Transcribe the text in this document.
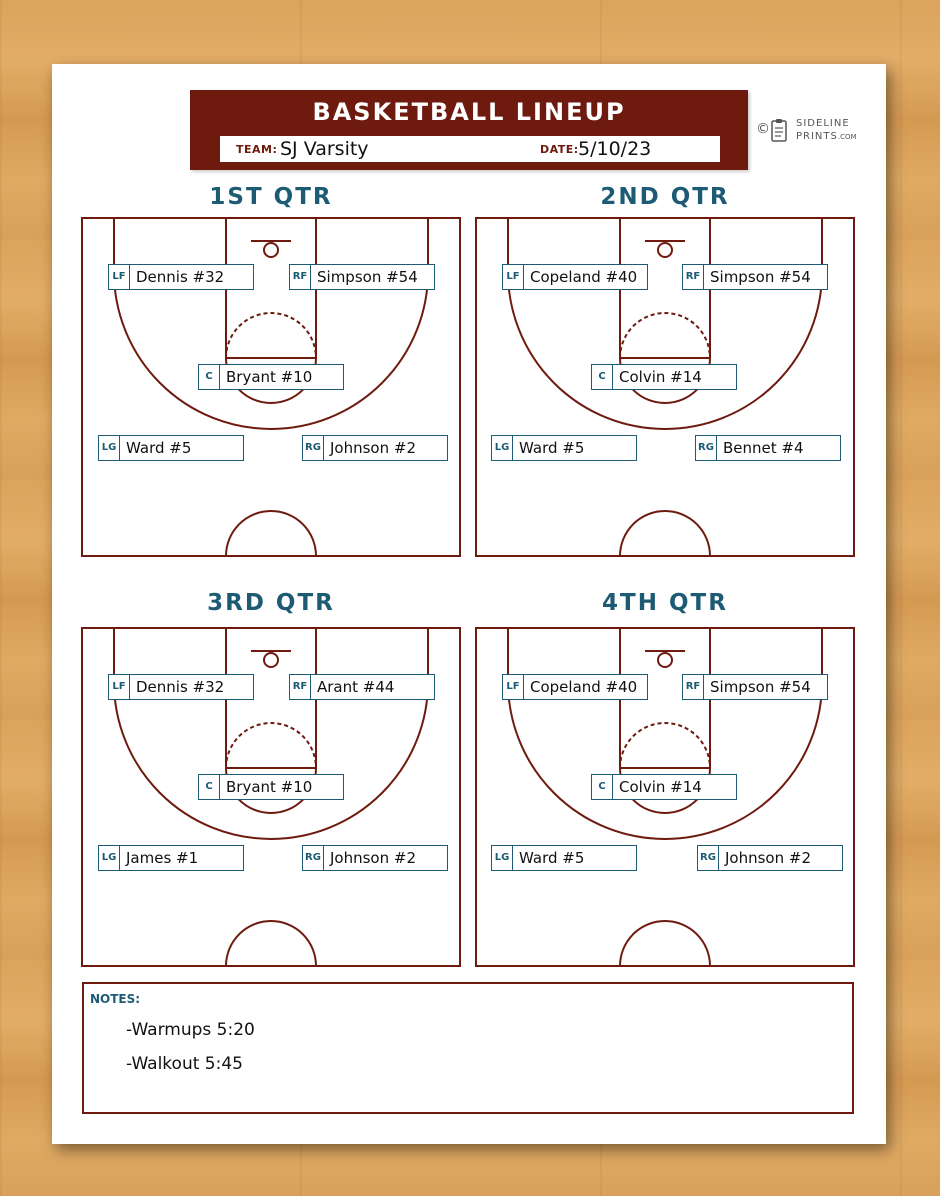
BASKETBALL LINEUP
TEAM: SJ Varsity	DATE: 5/10/23
©	SIDELINE
PRINTS.COM
1ST QTR	2ND QTR
3RD QTR	4TH QTR
LF Dennis #32	RF Simpson #54
C Bryant #10
LG Ward #5	RG Johnson #2
LF Copeland #40	RF Simpson #54
C Colvin #14
LG Ward #5	RG Bennet #4
LF Dennis #32	RF Arant #44
C Bryant #10
LG James #1	RG Johnson #2
LF Copeland #40	RF Simpson #54
C Colvin #14
LG Ward #5	RG Johnson #2
NOTES:
-Warmups 5:20
-Walkout 5:45
